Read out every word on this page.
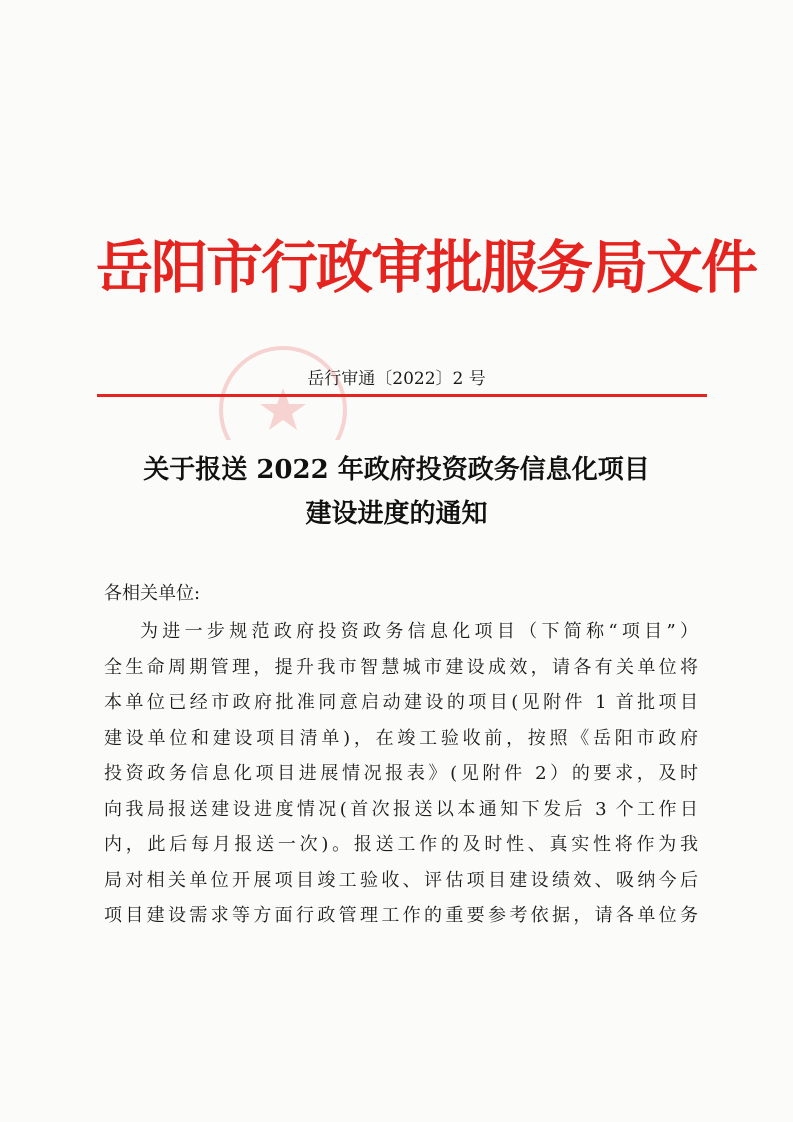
岳阳市行政审批服务局文件
岳行审通〔2022〕2 号
关于报送 2022 年政府投资政务信息化项目
建设进度的通知
各相关单位:
为进一步规范政府投资政务信息化项目（下简称“项目”）
全生命周期管理，提升我市智慧城市建设成效，请各有关单位将
本单位已经市政府批准同意启动建设的项目(见附件 1 首批项目
建设单位和建设项目清单)，在竣工验收前，按照《岳阳市政府
投资政务信息化项目进展情况报表》(见附件 2）的要求，及时
向我局报送建设进度情况(首次报送以本通知下发后 3 个工作日
内，此后每月报送一次)。报送工作的及时性、真实性将作为我
局对相关单位开展项目竣工验收、评估项目建设绩效、吸纳今后
项目建设需求等方面行政管理工作的重要参考依据，请各单位务
